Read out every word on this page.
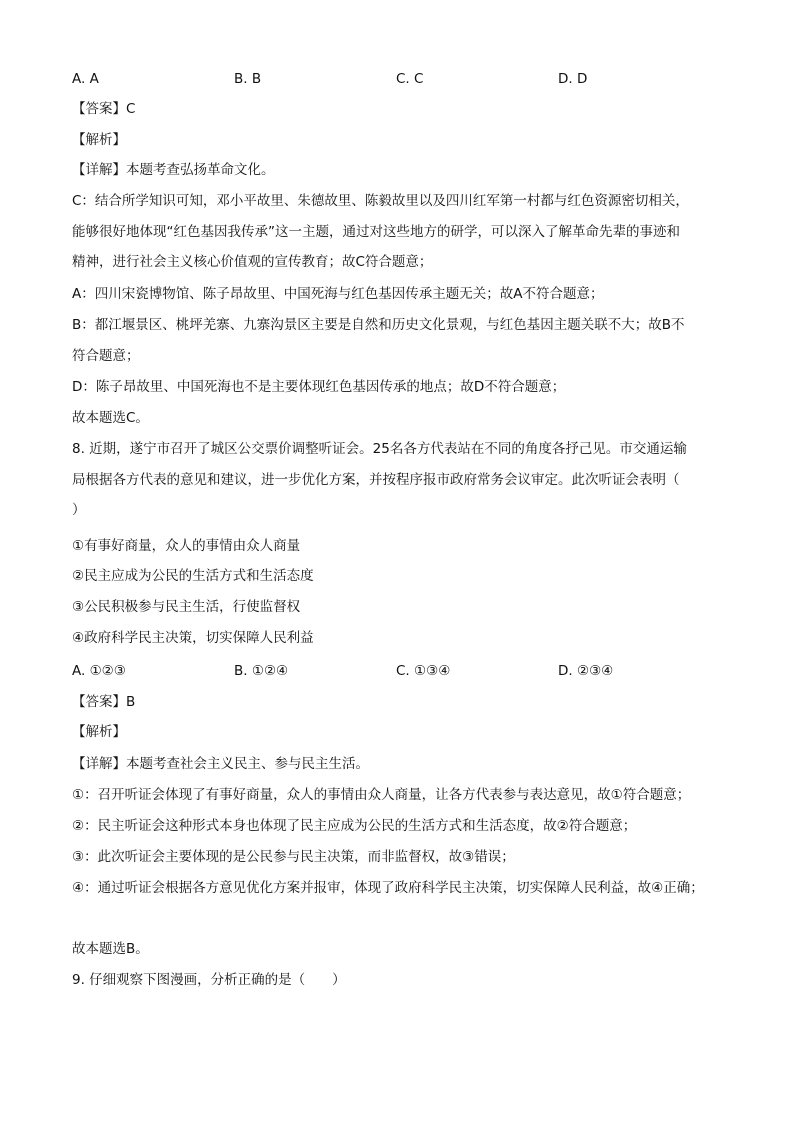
A. A	B. B	C. C	D. D
【答案】C
【解析】
【详解】本题考查弘扬革命文化。
C：结合所学知识可知，邓小平故里、朱德故里、陈毅故里以及四川红军第一村都与红色资源密切相关，
能够很好地体现“红色基因我传承”这一主题，通过对这些地方的研学，可以深入了解革命先辈的事迹和
精神，进行社会主义核心价值观的宣传教育；故C符合题意；
A：四川宋瓷博物馆、陈子昂故里、中国死海与红色基因传承主题无关；故A不符合题意；
B：都江堰景区、桃坪羌寨、九寨沟景区主要是自然和历史文化景观，与红色基因主题关联不大；故B不
符合题意；
D：陈子昂故里、中国死海也不是主要体现红色基因传承的地点；故D不符合题意；
故本题选C。
8. 近期，遂宁市召开了城区公交票价调整听证会。25名各方代表站在不同的角度各抒己见。市交通运输
局根据各方代表的意见和建议，进一步优化方案，并按程序报市政府常务会议审定。此次听证会表明（
）
①有事好商量，众人的事情由众人商量
②民主应成为公民的生活方式和生活态度
③公民积极参与民主生活，行使监督权
④政府科学民主决策，切实保障人民利益
A. ①②③	B. ①②④	C. ①③④	D. ②③④
【答案】B
【解析】
【详解】本题考查社会主义民主、参与民主生活。
①：召开听证会体现了有事好商量，众人的事情由众人商量，让各方代表参与表达意见，故①符合题意；
②：民主听证会这种形式本身也体现了民主应成为公民的生活方式和生活态度，故②符合题意；
③：此次听证会主要体现的是公民参与民主决策，而非监督权，故③错误；
④：通过听证会根据各方意见优化方案并报审，体现了政府科学民主决策，切实保障人民利益，故④正确；
故本题选B。
9. 仔细观察下图漫画，分析正确的是（　　）
